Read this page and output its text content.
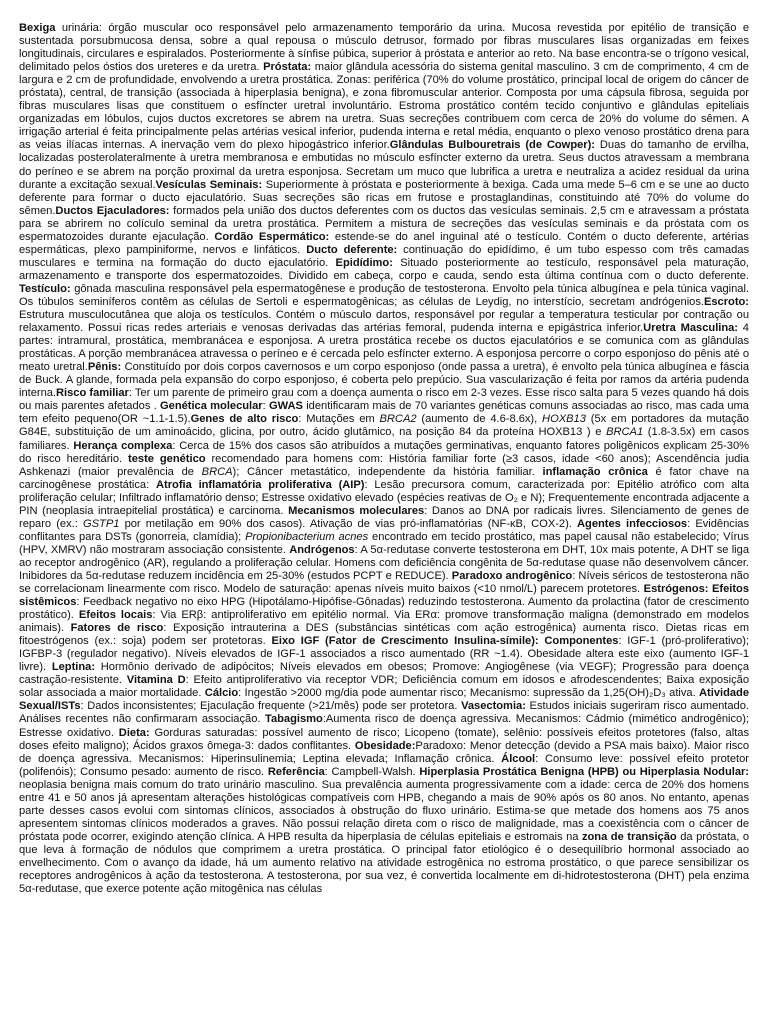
Bexiga urinária: órgão muscular oco responsável pelo armazenamento temporário da urina. Mucosa revestida por epitélio de transição e sustentada porsubmucosa densa, sobre a qual repousa o músculo detrusor, formado por fibras musculares lisas organizadas em feixes longitudinais, circulares e espiralados. Posteriormente à sínfise púbica, superior à próstata e anterior ao reto. Na base encontra-se o trígono vesical, delimitado pelos óstios dos ureteres e da uretra. Próstata: maior glândula acessória do sistema genital masculino. 3 cm de comprimento, 4 cm de largura e 2 cm de profundidade, envolvendo a uretra prostática. Zonas: periférica (70% do volume prostático, principal local de origem do câncer de próstata), central, de transição (associada à hiperplasia benigna), e zona fibromuscular anterior. Composta por uma cápsula fibrosa, seguida por fibras musculares lisas que constituem o esfíncter uretral involuntário. Estroma prostático contém tecido conjuntivo e glândulas epiteliais organizadas em lóbulos, cujos ductos excretores se abrem na uretra. Suas secreções contribuem com cerca de 20% do volume do sêmen. A irrigação arterial é feita principalmente pelas artérias vesical inferior, pudenda interna e retal média, enquanto o plexo venoso prostático drena para as veias ilíacas internas. A inervação vem do plexo hipogástrico inferior.Glândulas Bulbouretrais (de Cowper): Duas do tamanho de ervilha, localizadas posterolateralmente à uretra membranosa e embutidas no músculo esfíncter externo da uretra. Seus ductos atravessam a membrana do períneo e se abrem na porção proximal da uretra esponjosa. Secretam um muco que lubrifica a uretra e neutraliza a acidez residual da urina durante a excitação sexual.Vesículas Seminais: Superiormente à próstata e posteriormente à bexiga. Cada uma mede 5–6 cm e se une ao ducto deferente para formar o ducto ejaculatório. Suas secreções são ricas em frutose e prostaglandinas, constituindo até 70% do volume do sêmen.Ductos Ejaculadores: formados pela união dos ductos deferentes com os ductos das vesículas seminais. 2,5 cm e atravessam a próstata para se abrirem no colículo seminal da uretra prostática. Permitem a mistura de secreções das vesículas seminais e da próstata com os espermatozoides durante ejaculação. Cordão Espermático: estende-se do anel inguinal até o testículo. Contém o ducto deferente, artérias espermáticas, plexo pampiniforme, nervos e linfáticos. Ducto deferente: continuação do epidídimo, é um tubo espesso com três camadas musculares e termina na formação do ducto ejaculatório. Epidídimo: Situado posteriormente ao testículo, responsável pela maturação, armazenamento e transporte dos espermatozoides. Dividido em cabeça, corpo e cauda, sendo esta última contínua com o ducto deferente. Testículo: gônada masculina responsável pela espermatogênese e produção de testosterona. Envolto pela túnica albugínea e pela túnica vaginal. Os túbulos seminíferos contêm as células de Sertoli e espermatogênicas; as células de Leydig, no interstício, secretam andrógenios.Escroto: Estrutura musculocutânea que aloja os testículos. Contém o músculo dartos, responsável por regular a temperatura testicular por contração ou relaxamento. Possui ricas redes arteriais e venosas derivadas das artérias femoral, pudenda interna e epigástrica inferior.Uretra Masculina: 4 partes: intramural, prostática, membranácea e esponjosa. A uretra prostática recebe os ductos ejaculatórios e se comunica com as glândulas prostáticas. A porção membranácea atravessa o períneo e é cercada pelo esfíncter externo. A esponjosa percorre o corpo esponjoso do pênis até o meato uretral.Pênis: Constituído por dois corpos cavernosos e um corpo esponjoso (onde passa a uretra), é envolto pela túnica albugínea e fáscia de Buck. A glande, formada pela expansão do corpo esponjoso, é coberta pelo prepúcio. Sua vascularização é feita por ramos da artéria pudenda interna.Risco familiar: Ter um parente de primeiro grau com a doença aumenta o risco em 2-3 vezes. Esse risco salta para 5 vezes quando há dois ou mais parentes afetados . Genética molecular: GWAS identificaram mais de 70 variantes genéticas comuns associadas ao risco, mas cada uma tem efeito pequeno(OR ~1.1-1.5).Genes de alto risco: Mutações em BRCA2 (aumento de 4.6-8.6x), HOXB13 (5x em portadores da mutação G84E, substituição de um aminoácido, glicina, por outro, ácido glutâmico, na posição 84 da proteína HOXB13 ) e BRCA1 (1.8-3.5x) em casos familiares. Herança complexa: Cerca de 15% dos casos são atribuídos a mutações germinativas, enquanto fatores poligênicos explicam 25-30% do risco hereditário. teste genético recomendado para homens com: História familiar forte (≥3 casos, idade <60 anos); Ascendência judia Ashkenazi (maior prevalência de BRCA); Câncer metastático, independente da história familiar. inflamação crônica é fator chave na carcinogênese prostática: Atrofia inflamatória proliferativa (AIP): Lesão precursora comum, caracterizada por: Epitélio atrófico com alta proliferação celular; Infiltrado inflamatório denso; Estresse oxidativo elevado (espécies reativas de O₂ e N); Frequentemente encontrada adjacente a PIN (neoplasia intraepitelial prostática) e carcinoma. Mecanismos moleculares: Danos ao DNA por radicais livres. Silenciamento de genes de reparo (ex.: GSTP1 por metilação em 90% dos casos). Ativação de vias pró-inflamatórias (NF-κB, COX-2). Agentes infecciosos: Evidências conflitantes para DSTs (gonorreia, clamídia); Propionibacterium acnes encontrado em tecido prostático, mas papel causal não estabelecido; Vírus (HPV, XMRV) não mostraram associação consistente. Andrógenos: A 5α-redutase converte testosterona em DHT, 10x mais potente, A DHT se liga ao receptor androgênico (AR), regulando a proliferação celular. Homens com deficiência congênita de 5α-redutase quase não desenvolvem câncer. Inibidores da 5α-redutase reduzem incidência em 25-30% (estudos PCPT e REDUCE). Paradoxo androgênico: Níveis séricos de testosterona não se correlacionam linearmente com risco. Modelo de saturação: apenas níveis muito baixos (<10 nmol/L) parecem protetores. Estrógenos: Efeitos sistêmicos: Feedback negativo no eixo HPG (Hipotálamo-Hipófise-Gônadas) reduzindo testosterona. Aumento da prolactina (fator de crescimento prostático). Efeitos locais: Via ERβ: antiproliferativo em epitélio normal. Via ERα: promove transformação maligna (demonstrado em modelos animais). Fatores de risco: Exposição intrauterina a DES (substâncias sintéticas com ação estrogênica) aumenta risco. Dietas ricas em fitoestrógenos (ex.: soja) podem ser protetoras. Eixo IGF (Fator de Crescimento Insulina-símile): Componentes: IGF-1 (pró-proliferativo); IGFBP-3 (regulador negativo). Níveis elevados de IGF-1 associados a risco aumentado (RR ~1.4). Obesidade altera este eixo (aumento IGF-1 livre). Leptina: Hormônio derivado de adipócitos; Níveis elevados em obesos; Promove: Angiogênese (via VEGF); Progressão para doença castração-resistente. Vitamina D: Efeito antiproliferativo via receptor VDR; Deficiência comum em idosos e afrodescendentes; Baixa exposição solar associada a maior mortalidade. Cálcio: Ingestão >2000 mg/dia pode aumentar risco; Mecanismo: supressão da 1,25(OH)₂D₃ ativa. Atividade Sexual/ISTs: Dados inconsistentes; Ejaculação frequente (>21/mês) pode ser protetora. Vasectomia: Estudos iniciais sugeriram risco aumentado. Análises recentes não confirmaram associação. Tabagismo:Aumenta risco de doença agressiva. Mecanismos: Cádmio (mimético androgênico); Estresse oxidativo. Dieta: Gorduras saturadas: possível aumento de risco; Licopeno (tomate), selênio: possíveis efeitos protetores (falso, altas doses efeito maligno); Ácidos graxos ômega-3: dados conflitantes. Obesidade:Paradoxo: Menor detecção (devido a PSA mais baixo). Maior risco de doença agressiva. Mecanismos: Hiperinsulinemia; Leptina elevada; Inflamação crônica. Álcool: Consumo leve: possível efeito protetor (polifenóis); Consumo pesado: aumento de risco. Referência: Campbell-Walsh. Hiperplasia Prostática Benigna (HPB) ou Hiperplasia Nodular: neoplasia benigna mais comum do trato urinário masculino. Sua prevalência aumenta progressivamente com a idade: cerca de 20% dos homens entre 41 e 50 anos já apresentam alterações histológicas compatíveis com HPB, chegando a mais de 90% após os 80 anos. No entanto, apenas parte desses casos evolui com sintomas clínicos, associados à obstrução do fluxo urinário. Estima-se que metade dos homens aos 75 anos apresentem sintomas clínicos moderados a graves. Não possui relação direta com o risco de malignidade, mas a coexistência com o câncer de próstata pode ocorrer, exigindo atenção clínica. A HPB resulta da hiperplasia de células epiteliais e estromais na zona de transição da próstata, o que leva à formação de nódulos que comprimem a uretra prostática. O principal fator etiológico é o desequilíbrio hormonal associado ao envelhecimento. Com o avanço da idade, há um aumento relativo na atividade estrogênica no estroma prostático, o que parece sensibilizar os receptores androgênicos à ação da testosterona. A testosterona, por sua vez, é convertida localmente em di-hidrotestosterona (DHT) pela enzima 5α-redutase, que exerce potente ação mitogênica nas células
